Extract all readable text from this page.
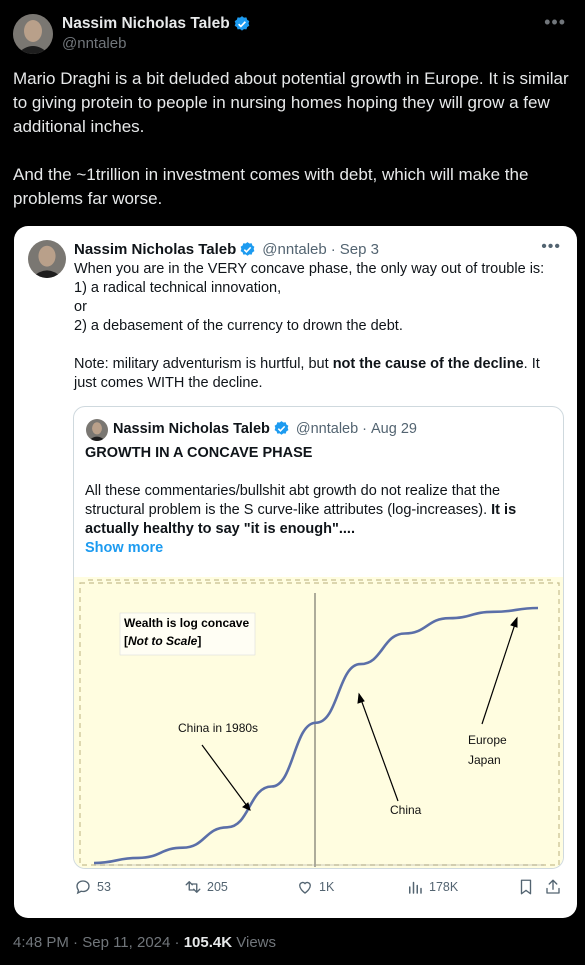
Nassim Nicholas Taleb
@nntaleb
•••

Mario Draghi is a bit deluded about potential growth in Europe. It is similar to giving protein to people in nursing homes hoping they will grow a few additional inches.

And the ~1trillion in investment comes with debt, which will make the problems far worse.

Nassim Nicholas Taleb @nntaleb · Sep 3	•••

When you are in the VERY concave phase, the only way out of trouble is:

1) a radical technical innovation,

or

2) a debasement of the currency to drown the debt.

Note: military adventurism is hurtful, but not the cause of the decline. It just comes WITH the decline.

Nassim Nicholas Taleb @nntaleb · Aug 29
GROWTH IN A CONCAVE PHASE
All these commentaries/bullshit abt growth do not realize that the structural problem is the S curve-like attributes (log-increases). It is actually healthy to say "it is enough"....
Show more
Wealth is log concave
[Not to Scale]
China in 1980s
China
Europe
Japan
53	205	1K	178K
4:48 PM · Sep 11, 2024 · 105.4K Views
